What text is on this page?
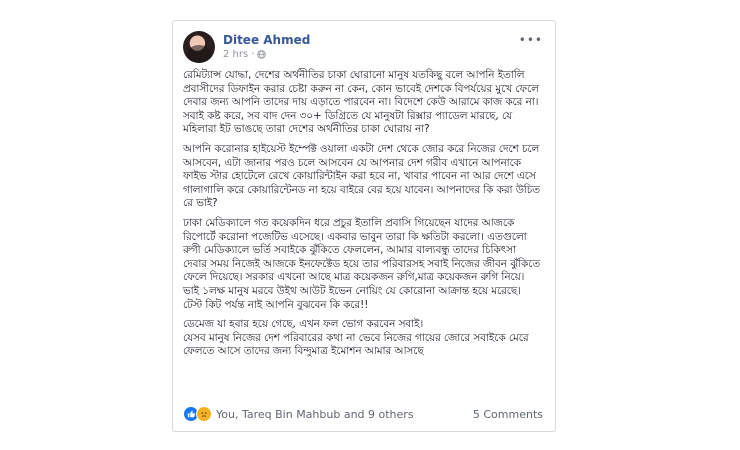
Ditee Ahmed
2 hrs ·
•••

রেমিট্যান্স যোদ্ধা, দেশের অর্থনীতির চাকা ঘোরানো মানুষ যতকিছু বলে আপনি ইতালি প্রবাসীদের ডিফাইন করার চেষ্টা করুন না কেন, কোন ভাবেই দেশকে বিপর্যয়ের মুখে ফেলে দেবার জন্য আপনি তাদের দায় এড়াতে পারবেন না। বিদেশে কেউ আরামে কাজ করে না। সবাই কষ্ট করে, সব বাদ দেন ৩০+ ডিগ্রিতে যে মানুষটা রিক্সার প্যাডেল মারছে, যে মহিলারা ইট ভাঙছে তারা দেশের অর্থনীতির চাকা ঘোরায় না?

আপনি করোনার হাইয়েস্ট ইম্পেক্ট ওয়ালা একটা দেশ থেকে জোর করে নিজের দেশে চলে আসবেন, এটা জানার পরও চলে আসবেন যে আপনার দেশ গরীব এখানে আপনাকে ফাইভ স্টার হোটেলে রেখে কোয়ারিন্টাইন করা হবে না, খাবার পাবেন না আর দেশে এসে গালাগালি করে কোয়ারিন্টেনড না হয়ে বাইরে বের হয়ে যাবেন। আপনাদের কি করা উচিত রে ভাই?

ঢাকা মেডিক্যালে গত কয়েকদিন ধরে প্রচুর ইতালি প্রবাসি গিয়েছেন যাদের আজকে রিপোর্টে করোনা পজেটিভ এসেছে। একবার ভাবুন তারা কি ক্ষতিটা করলো। এতগুলো রুগী মেডিক্যালে ভর্তি সবাইকে ঝুঁকিতে ফেললেন, আমার বাল্যবন্ধু তাদের চিকিৎসা দেবার সময় নিজেই আজকে ইনফেক্টেড হয়ে তার পরিবারসহ সবাই নিজের জীবন ঝুঁকিতে ফেলে দিয়েছে। সরকার এখনো আছে মাত্র কয়েকজন রুগি,মাত্র কয়েকজন রুগি নিয়ে।
ভাই ১লক্ষ মানুষ মরবে উইথ আউট ইভেন নোয়িং যে কোরোনা আক্রান্ত হয়ে মরেছে। টেস্ট কিট পর্যন্ত নাই আপনি বুঝবেন কি করে!!

ডেমেজ যা হবার হয়ে গেছে, এখন ফল ভোগ করবেন সবাই।
যেসব মানুষ নিজের দেশ পরিবারের কথা না ভেবে নিজের গায়ের জোরে সবাইকে মেরে ফেলতে আসে তাদের জন্য বিন্দুমাত্র ইমোশন আমার আসছে

You, Tareq Bin Mahbub and 9 others	5 Comments
